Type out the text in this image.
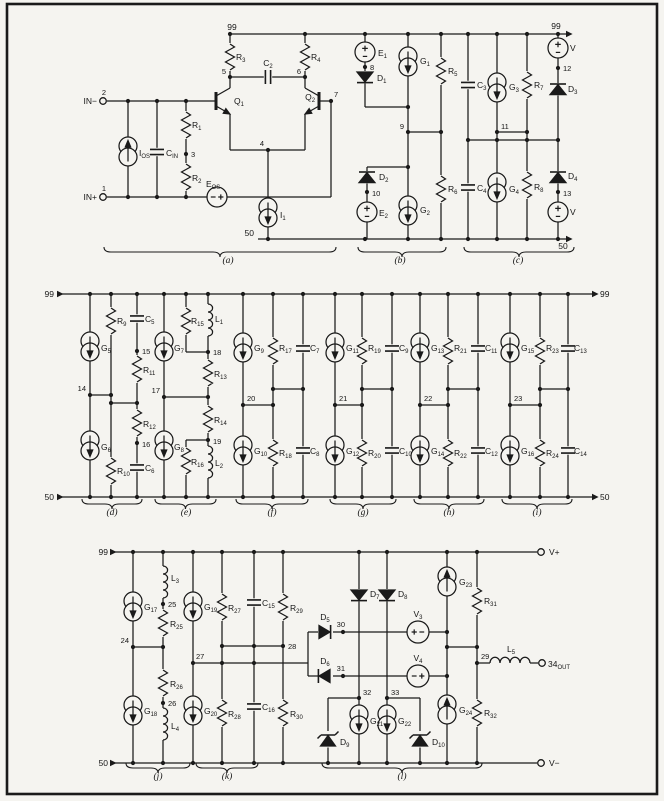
99	99
99	99
99
50
50
50	50
50
IN−
IN+
V+
V−
V
V
$34_{OUT}$
1
2
3
4
5	6
7
8
9
10
11
12
13
14
15
16
17
18
19
20	21	22	23
24
25
26
27
28
29
30
31
32	33
$Q_1$
$Q_2$
$R_3$	$R_4$
$C_2$
$R_1$
$R_2$
$C_{IN}$
$I_{OS}$
$E_{OS}$
$I_1$
$E_1$
$D_1$
$G_1$
$R_5$
$D_2$
$E_2$
$G_2$
$R_6$
$C_3$	$G_3$
$R_7$	$D_3$
$C_4$	$G_4$
$R_8$
$D_4$
$G_5$
$R_9$
$C_5$
$R_{11}$
$R_{12}$
$G_6$
$R_{10}$
$C_6$
$G_7$
$R_{15}$
$L_1$
$R_{13}$
$R_{14}$
$G_8$
$R_{16}$ $L_2$
$G_9$ $R_{17}$ $C_7$
$G_{10}$ $R_{18}$
$C_8$
$G_{11}$ $R_{19}$ $C_9$
$G_{12}$ $R_{20}$
$C_{10}$
$G_{13}$ $R_{21}$ $C_{11}$
$G_{14}$ $R_{22}$
$C_{12}$
$G_{15}$ $R_{23}$ $C_{13}$
$G_{16}$ $R_{24}$
$C_{14}$
$G_{17}$
$L_3$
$R_{25}$
$G_{18}$
$R_{26}$
$L_4$
$G_{19}$ $R_{27}$
$C_{15}$ $R_{29}$
$G_{20}$ $R_{28}$
$C_{16}$ $R_{30}$
$D_5$
$D_6$
$D_7$ $D_8$
$V_3$
$V_4$
$G_{21}$ $G_{22}$
$D_9$	$D_{10}$
$G_{23}$
$G_{24}$
$R_{31}$
$R_{32}$
$L_5$
(a)	(b)	(c)
(d)	(e)	(f)	(g)	(h)	(i)
(j)	(k)	(l)
